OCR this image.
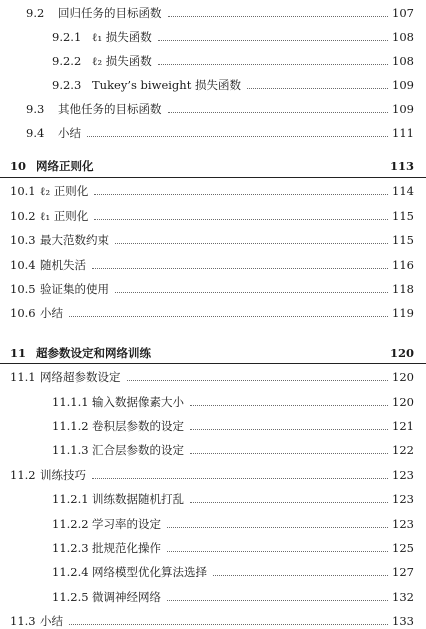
9.2	回归任务的目标函数	107
9.2.1 ℓ₁ 损失函数	108
9.2.2 ℓ₂ 损失函数	108
9.2.3 Tukey’s biweight 损失函数	109
9.3	其他任务的目标函数	109
9.4	小结	111
10 网络正则化	113
10.1 ℓ₂ 正则化	114
10.2 ℓ₁ 正则化	115
10.3 最大范数约束	115
10.4 随机失活	116
10.5 验证集的使用	118
10.6 小结	119
11 超参数设定和网络训练	120
11.1 网络超参数设定	120
11.1.1 输入数据像素大小	120
11.1.2 卷积层参数的设定	121
11.1.3 汇合层参数的设定	122
11.2 训练技巧	123
11.2.1 训练数据随机打乱	123
11.2.2 学习率的设定	123
11.2.3 批规范化操作	125
11.2.4 网络模型优化算法选择	127
11.2.5 微调神经网络	132
11.3 小结	133
